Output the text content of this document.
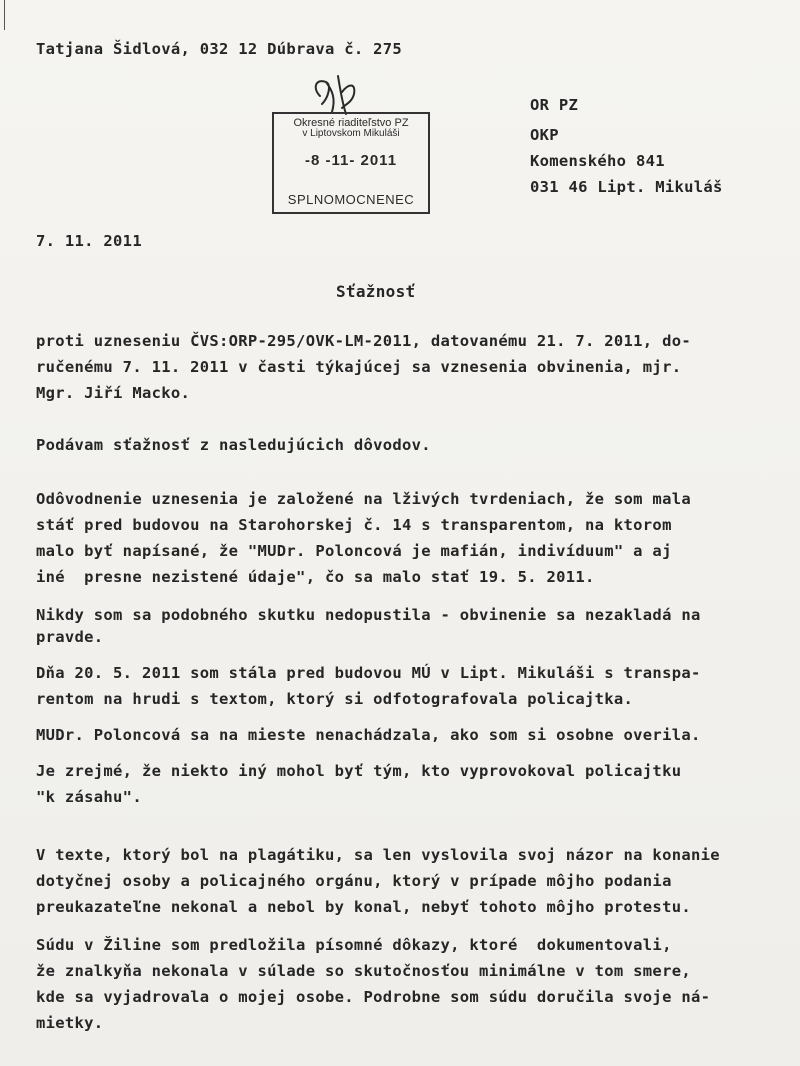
Tatjana Šidlová, 032 12 Dúbrava č. 275
Okresné riaditeľstvo PZ
v Liptovskom Mikuláši
-8 -11- 2011
SPLNOMOCNENEC
OR PZ
OKP
Komenského 841
031 46 Lipt. Mikuláš
7. 11. 2011
Sťažnosť
proti uzneseniu ČVS:ORP-295/OVK-LM-2011, datovanému 21. 7. 2011, do-
ručenému 7. 11. 2011 v časti týkajúcej sa vznesenia obvinenia, mjr.
Mgr. Jiří Macko.
Podávam sťažnosť z nasledujúcich dôvodov.
Odôvodnenie uznesenia je založené na lživých tvrdeniach, že som mala
stáť pred budovou na Starohorskej č. 14 s transparentom, na ktorom
malo byť napísané, že "MUDr. Poloncová je mafián, indivíduum" a aj
iné  presne nezistené údaje", čo sa malo stať 19. 5. 2011.
Nikdy som sa podobného skutku nedopustila - obvinenie sa nezakladá na
pravde.
Dňa 20. 5. 2011 som stála pred budovou MÚ v Lipt. Mikuláši s transpa-
rentom na hrudi s textom, ktorý si odfotografovala policajtka.
MUDr. Poloncová sa na mieste nenachádzala, ako som si osobne overila.
Je zrejmé, že niekto iný mohol byť tým, kto vyprovokoval policajtku
"k zásahu".
V texte, ktorý bol na plagátiku, sa len vyslovila svoj názor na konanie
dotyčnej osoby a policajného orgánu, ktorý v prípade môjho podania
preukazateľne nekonal a nebol by konal, nebyť tohoto môjho protestu.
Súdu v Žiline som predložila písomné dôkazy, ktoré  dokumentovali,
že znalkyňa nekonala v súlade so skutočnosťou minimálne v tom smere,
kde sa vyjadrovala o mojej osobe. Podrobne som súdu doručila svoje ná-
mietky.
